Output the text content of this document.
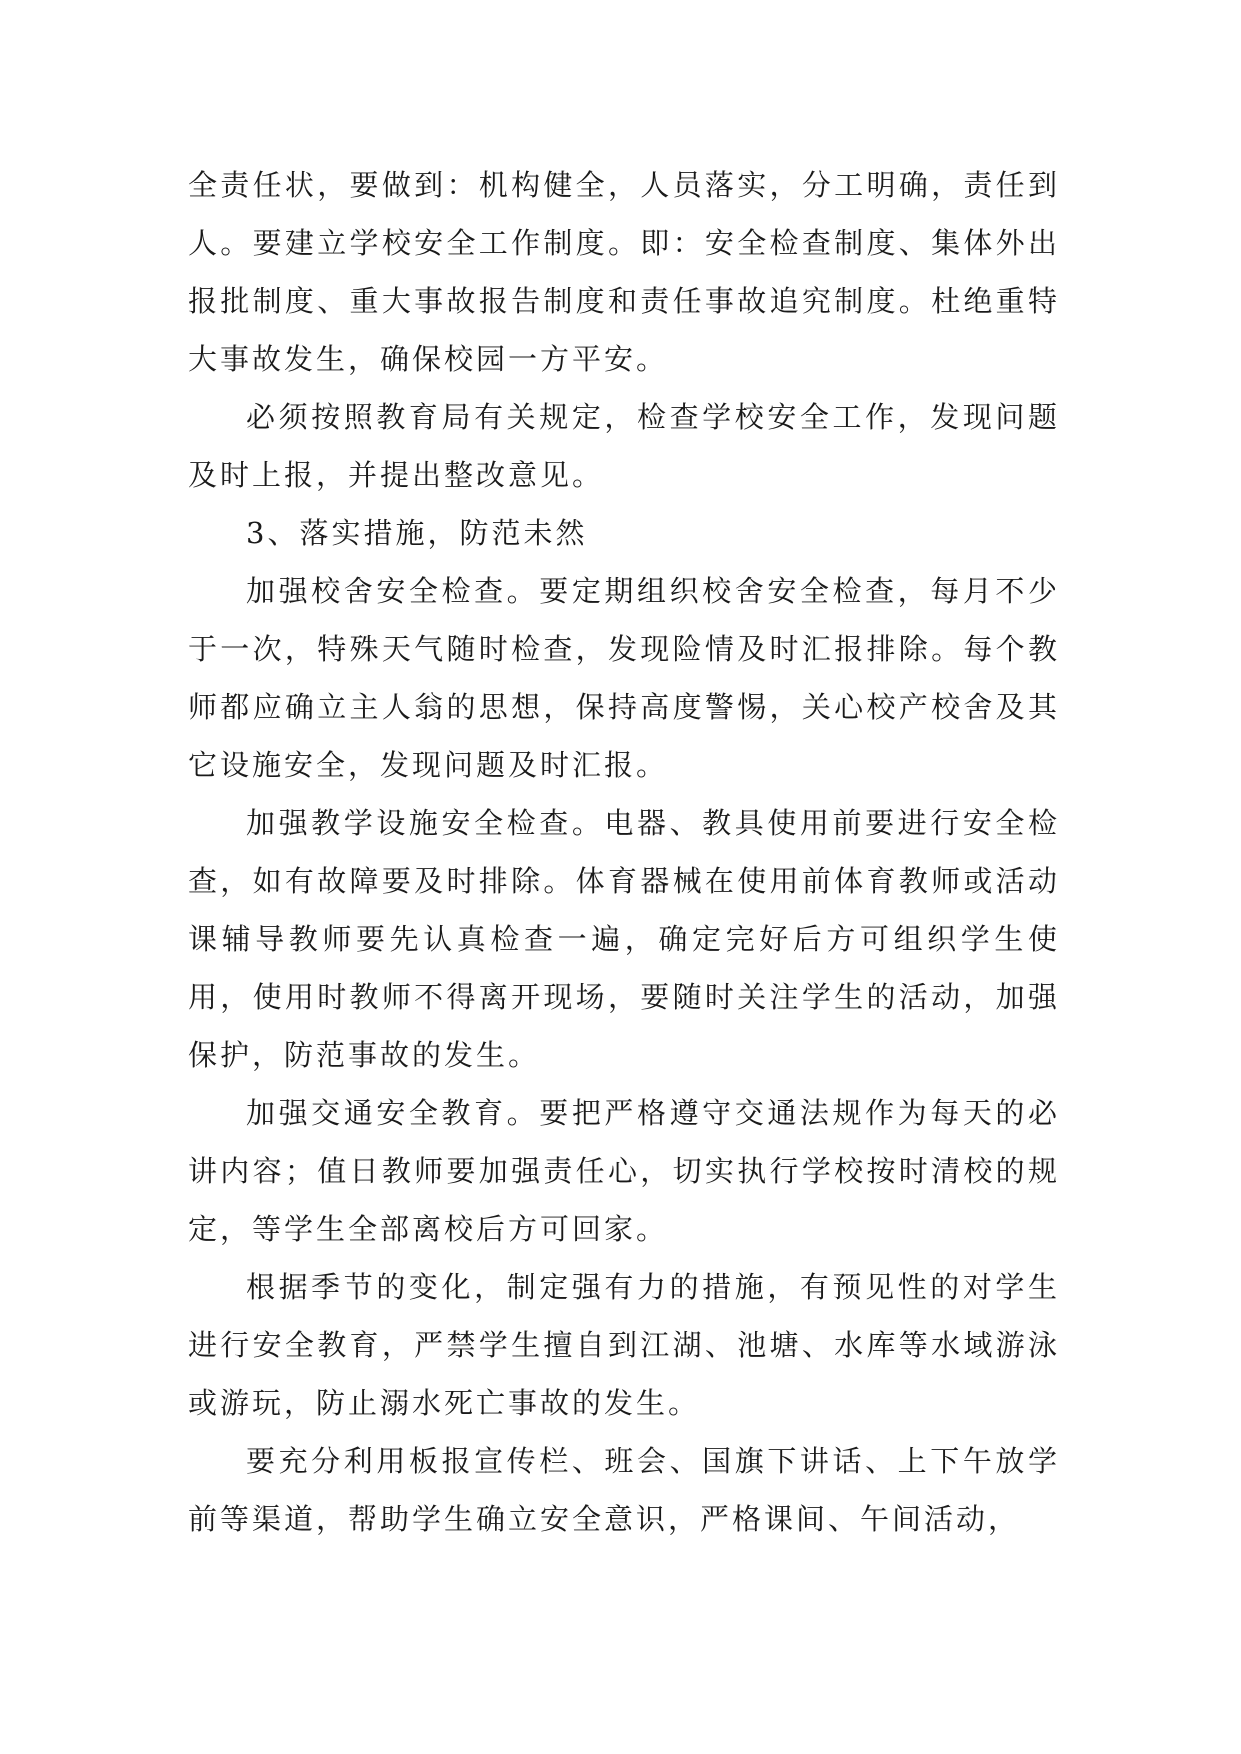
全责任状，要做到：机构健全，人员落实，分工明确，责任到人。要建立学校安全工作制度。即：安全检查制度、集体外出报批制度、重大事故报告制度和责任事故追究制度。杜绝重特大事故发生，确保校园一方平安。

必须按照教育局有关规定，检查学校安全工作，发现问题及时上报，并提出整改意见。

3、落实措施，防范未然

加强校舍安全检查。要定期组织校舍安全检查，每月不少于一次，特殊天气随时检查，发现险情及时汇报排除。每个教师都应确立主人翁的思想，保持高度警惕，关心校产校舍及其它设施安全，发现问题及时汇报。

加强教学设施安全检查。电器、教具使用前要进行安全检查，如有故障要及时排除。体育器械在使用前体育教师或活动课辅导教师要先认真检查一遍，确定完好后方可组织学生使用，使用时教师不得离开现场，要随时关注学生的活动，加强保护，防范事故的发生。

加强交通安全教育。要把严格遵守交通法规作为每天的必讲内容；值日教师要加强责任心，切实执行学校按时清校的规定，等学生全部离校后方可回家。

根据季节的变化，制定强有力的措施，有预见性的对学生进行安全教育，严禁学生擅自到江湖、池塘、水库等水域游泳或游玩，防止溺水死亡事故的发生。

要充分利用板报宣传栏、班会、国旗下讲话、上下午放学前等渠道，帮助学生确立安全意识，严格课间、午间活动，
